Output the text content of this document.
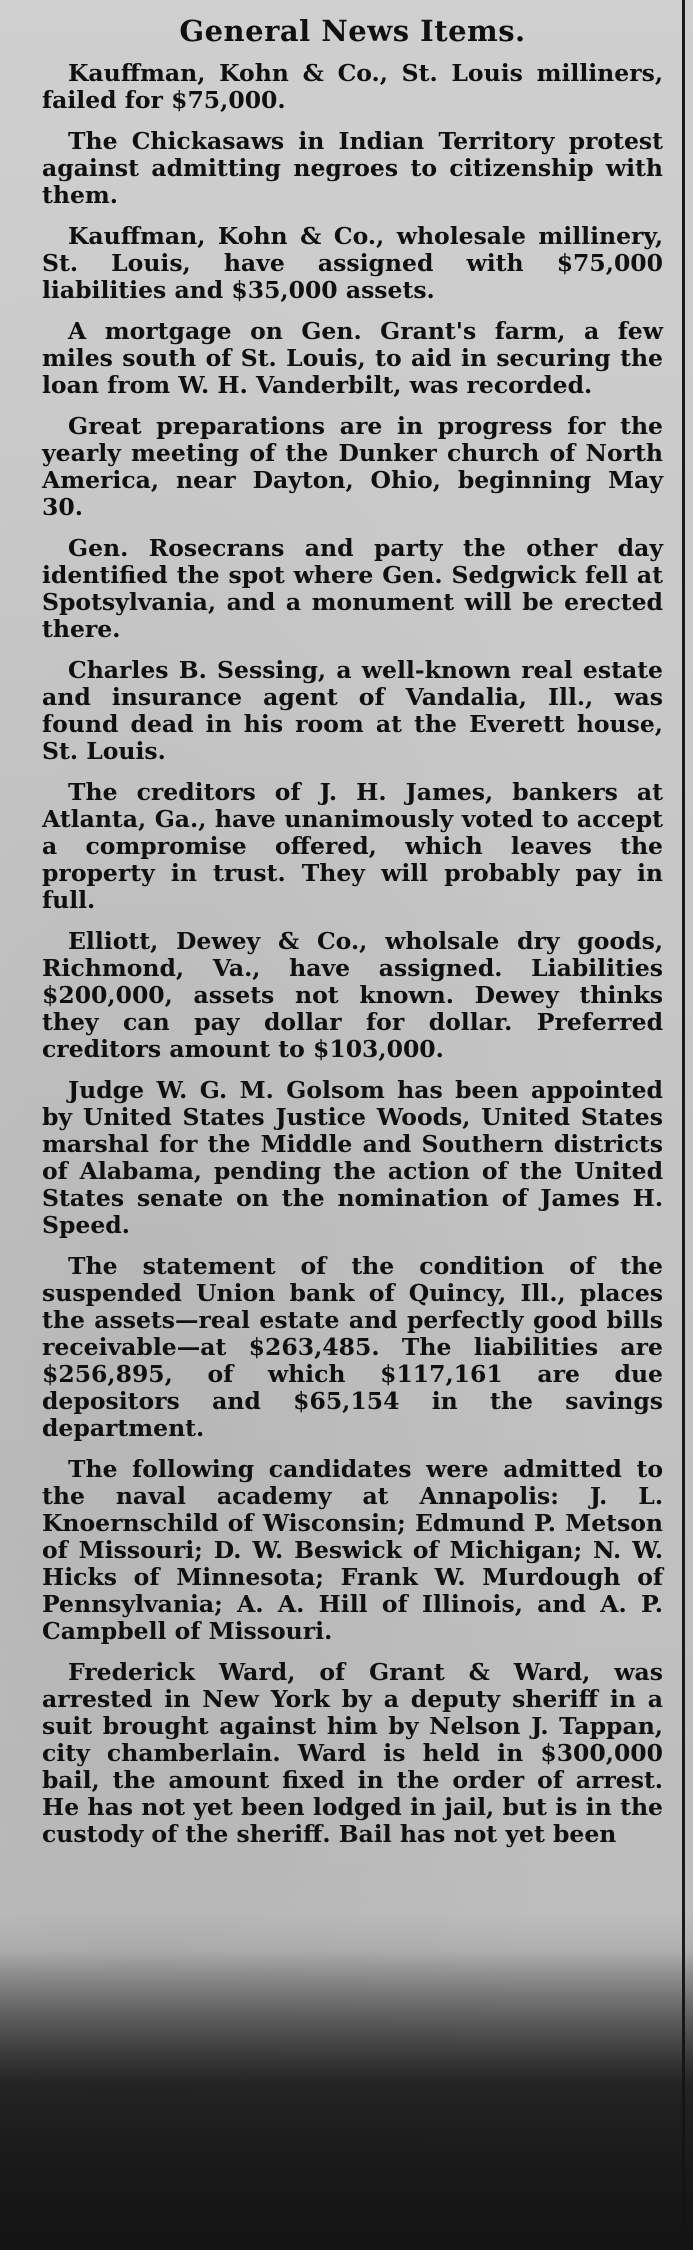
General News Items.

Kauffman, Kohn & Co., St. Louis milliners, failed for $75,000.

The Chickasaws in Indian Territory protest against admitting negroes to citizenship with them.

Kauffman, Kohn & Co., wholesale millinery, St. Louis, have assigned with $75,000 liabilities and $35,000 assets.

A mortgage on Gen. Grant's farm, a few miles south of St. Louis, to aid in securing the loan from W. H. Vanderbilt, was recorded.

Great preparations are in progress for the yearly meeting of the Dunker church of North America, near Dayton, Ohio, beginning May 30.

Gen. Rosecrans and party the other day identified the spot where Gen. Sedgwick fell at Spotsylvania, and a monument will be erected there.

Charles B. Sessing, a well-known real estate and insurance agent of Vandalia, Ill., was found dead in his room at the Everett house, St. Louis.

The creditors of J. H. James, bankers at Atlanta, Ga., have unanimously voted to accept a compromise offered, which leaves the property in trust. They will probably pay in full.

Elliott, Dewey & Co., wholsale dry goods, Richmond, Va., have assigned. Liabilities $200,000, assets not known. Dewey thinks they can pay dollar for dollar. Preferred creditors amount to $103,000.

Judge W. G. M. Golsom has been appointed by United States Justice Woods, United States marshal for the Middle and Southern districts of Alabama, pending the action of the United States senate on the nomination of James H. Speed.

The statement of the condition of the suspended Union bank of Quincy, Ill., places the assets—real estate and perfectly good bills receivable—at $263,485. The liabilities are $256,895, of which $117,161 are due depositors and $65,154 in the savings department.

The following candidates were admitted to the naval academy at Annapolis: J. L. Knoernschild of Wisconsin; Edmund P. Metson of Missouri; D. W. Beswick of Michigan; N. W. Hicks of Minnesota; Frank W. Murdough of Pennsylvania; A. A. Hill of Illinois, and A. P. Campbell of Missouri.

Frederick Ward, of Grant & Ward, was arrested in New York by a deputy sheriff in a suit brought against him by Nelson J. Tappan, city chamberlain. Ward is held in $300,000 bail, the amount fixed in the order of arrest. He has not yet been lodged in jail, but is in the custody of the sheriff. Bail has not yet been
